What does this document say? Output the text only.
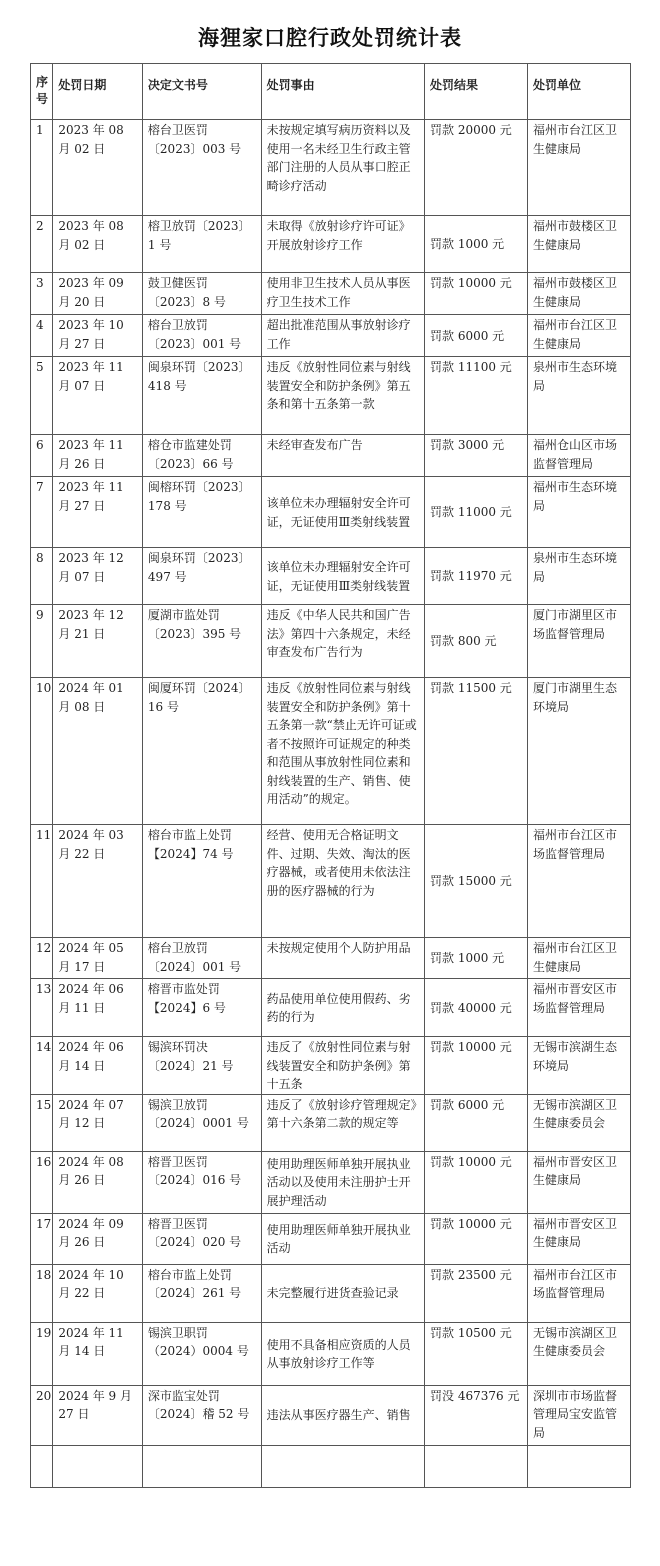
海狸家口腔行政处罚统计表
序号	处罚日期	决定文书号	处罚事由	处罚结果	处罚单位
1	2023 年 08 月 02 日	榕台卫医罚〔2023〕003 号	未按规定填写病历资料以及使用一名未经卫生行政主管部门注册的人员从事口腔正畸诊疗活动	罚款 20000 元	福州市台江区卫生健康局
2	2023 年 08 月 02 日	榕卫放罚〔2023〕1 号	未取得《放射诊疗许可证》开展放射诊疗工作	罚款 1000 元	福州市鼓楼区卫生健康局
3	2023 年 09 月 20 日	鼓卫健医罚〔2023〕8 号	使用非卫生技术人员从事医疗卫生技术工作	罚款 10000 元	福州市鼓楼区卫生健康局
4	2023 年 10 月 27 日	榕台卫放罚〔2023〕001 号	超出批准范围从事放射诊疗工作	罚款 6000 元	福州市台江区卫生健康局
5	2023 年 11 月 07 日	闽泉环罚〔2023〕418 号	违反《放射性同位素与射线装置安全和防护条例》第五条和第十五条第一款	罚款 11100 元	泉州市生态环境局
6	2023 年 11 月 26 日	榕仓市监建处罚〔2023〕66 号	未经审查发布广告	罚款 3000 元	福州仓山区市场监督管理局
7	2023 年 11 月 27 日	闽榕环罚〔2023〕178 号	该单位未办理辐射安全许可证，无证使用Ⅲ类射线装置	罚款 11000 元	福州市生态环境局
8	2023 年 12 月 07 日	闽泉环罚〔2023〕497 号	该单位未办理辐射安全许可证，无证使用Ⅲ类射线装置	罚款 11970 元	泉州市生态环境局
9	2023 年 12 月 21 日	厦湖市监处罚〔2023〕395 号	违反《中华人民共和国广告法》第四十六条规定，未经审查发布广告行为	罚款 800 元	厦门市湖里区市场监督管理局
10	2024 年 01 月 08 日	闽厦环罚〔2024〕16 号	违反《放射性同位素与射线装置安全和防护条例》第十五条第一款“禁止无许可证或者不按照许可证规定的种类和范围从事放射性同位素和射线装置的生产、销售、使用活动”的规定。	罚款 11500 元	厦门市湖里生态环境局
11	2024 年 03 月 22 日	榕台市监上处罚【2024】74 号	经营、使用无合格证明文件、过期、失效、淘汰的医疗器械，或者使用未依法注册的医疗器械的行为	罚款 15000 元	福州市台江区市场监督管理局
12	2024 年 05 月 17 日	榕台卫放罚〔2024〕001 号	未按规定使用个人防护用品	罚款 1000 元	福州市台江区卫生健康局
13	2024 年 06 月 11 日	榕晋市监处罚【2024】6 号	药品使用单位使用假药、劣药的行为	罚款 40000 元	福州市晋安区市场监督管理局
14	2024 年 06 月 14 日	锡滨环罚决〔2024〕21 号	违反了《放射性同位素与射线装置安全和防护条例》第十五条	罚款 10000 元	无锡市滨湖生态环境局
15	2024 年 07 月 12 日	锡滨卫放罚〔2024〕0001 号	违反了《放射诊疗管理规定》第十六条第二款的规定等	罚款 6000 元	无锡市滨湖区卫生健康委员会
16	2024 年 08 月 26 日	榕晋卫医罚〔2024〕016 号	使用助理医师单独开展执业活动以及使用未注册护士开展护理活动	罚款 10000 元	福州市晋安区卫生健康局
17	2024 年 09 月 26 日	榕晋卫医罚〔2024〕020 号	使用助理医师单独开展执业活动	罚款 10000 元	福州市晋安区卫生健康局
18	2024 年 10 月 22 日	榕台市监上处罚〔2024〕261 号	未完整履行进货查验记录	罚款 23500 元	福州市台江区市场监督管理局
19	2024 年 11 月 14 日	锡滨卫职罚（2024）0004 号	使用不具备相应资质的人员从事放射诊疗工作等	罚款 10500 元	无锡市滨湖区卫生健康委员会
20	2024 年 9 月 27 日	深市监宝处罚〔2024〕稽 52 号	违法从事医疗器生产、销售	罚没 467376 元	深圳市市场监督管理局宝安监管局
